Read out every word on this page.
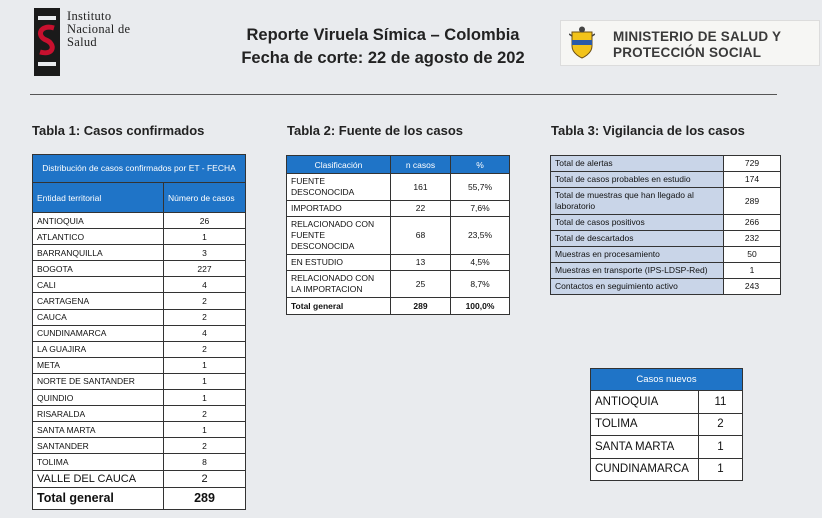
Instituto
Nacional de
Salud	Reporte Viruela Símica – Colombia
Fecha de corte: 22 de agosto de 202
MINISTERIO DE SALUD Y
PROTECCIÓN SOCIAL
Tabla 1: Casos confirmados	Tabla 2: Fuente de los casos	Tabla 3: Vigilancia de los casos
Distribución de casos confirmados por ET - FECHA	
Entidad territorial	Número de casos
ANTIOQUIA	26
ATLANTICO	1
BARRANQUILLA	3
BOGOTA	227
CALI	4
CARTAGENA	2
CAUCA	2
CUNDINAMARCA	4
LA GUAJIRA	2
META	1
NORTE DE SANTANDER	1
QUINDIO	1
RISARALDA	2
SANTA MARTA	1
SANTANDER	2
TOLIMA	8
VALLE DEL CAUCA	2
Total general	289
Clasificación	n casos	%
FUENTE DESCONOCIDA	161	55,7%
IMPORTADO	22	7,6%
RELACIONADO CON FUENTE DESCONOCIDA	68	23,5%
EN ESTUDIO	13	4,5%
RELACIONADO CON LA IMPORTACION	25	8,7%
Total general	289	100,0%
Total de alertas	729
Total de casos probables en estudio	174
Total de muestras que han llegado al laboratorio	289
Total de casos positivos	266
Total de descartados	232
Muestras en procesamiento	50
Muestras en transporte (IPS-LDSP-Red)	1
Contactos en seguimiento activo	243
Casos nuevos	
ANTIOQUIA	11
TOLIMA	2
SANTA MARTA	1
CUNDINAMARCA	1
